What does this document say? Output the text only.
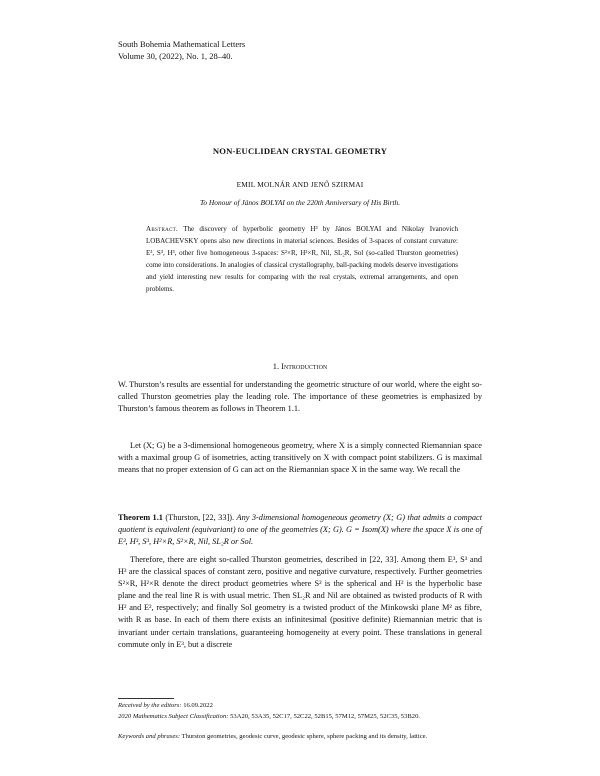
South Bohemia Mathematical Letters
Volume 30, (2022), No. 1, 28–40.
NON-EUCLIDEAN CRYSTAL GEOMETRY
EMIL MOLNÁR AND JENŐ SZIRMAI
To Honour of János BOLYAI on the 220th Anniversary of His Birth.
Abstract. The discovery of hyperbolic geometry H³ by János BOLYAI and Nikolay Ivanovich LOBACHEVSKY opens also new directions in material sciences. Besides of 3-spaces of constant curvature: E³, S³, H³, other five homogeneous 3-spaces: S²×R, H²×R, Nil, SL₂R, Sol (so-called Thurston geometries) come into considerations. In analogies of classical crystallography, ball-packing models deserve investigations and yield interesting new results for comparing with the real crystals, extremal arrangements, and open problems.
1. Introduction
W. Thurston’s results are essential for understanding the geometric structure of our world, where the eight so-called Thurston geometries play the leading role. The importance of these geometries is emphasized by Thurston’s famous theorem as follows in Theorem 1.1.
Let (X; G) be a 3-dimensional homogeneous geometry, where X is a simply connected Riemannian space with a maximal group G of isometries, acting transitively on X with compact point stabilizers. G is maximal means that no proper extension of G can act on the Riemannian space X in the same way. We recall the
Theorem 1.1 (Thurston, [22, 33]). Any 3-dimensional homogeneous geometry (X; G) that admits a compact quotient is equivalent (equivariant) to one of the geometries (X; G). G = Isom(X) where the space X is one of E³, H³, S³, H²×R, S²×R, Nil, SL₂R or Sol.
Therefore, there are eight so-called Thurston geometries, described in [22, 33]. Among them E³, S³ and H³ are the classical spaces of constant zero, positive and negative curvature, respectively. Further geometries S²×R, H²×R denote the direct product geometries where S² is the spherical and H² is the hyperbolic base plane and the real line R is with usual metric. Then SL₂R and Nil are obtained as twisted products of R with H² and E², respectively; and finally Sol geometry is a twisted product of the Minkowski plane M² as fibre, with R as base. In each of them there exists an infinitesimal (positive definite) Riemannian metric that is invariant under certain translations, guaranteeing homogeneity at every point. These translations in general commute only in E³, but a discrete
Received by the editors: 16.09.2022
2020 Mathematics Subject Classification: 53A20, 53A35, 52C17, 52C22, 52B15, 57M12, 57M25, 52C35, 53B20.
Keywords and phrases: Thurston geometries, geodesic curve, geodesic sphere, sphere packing and its density, lattice.
